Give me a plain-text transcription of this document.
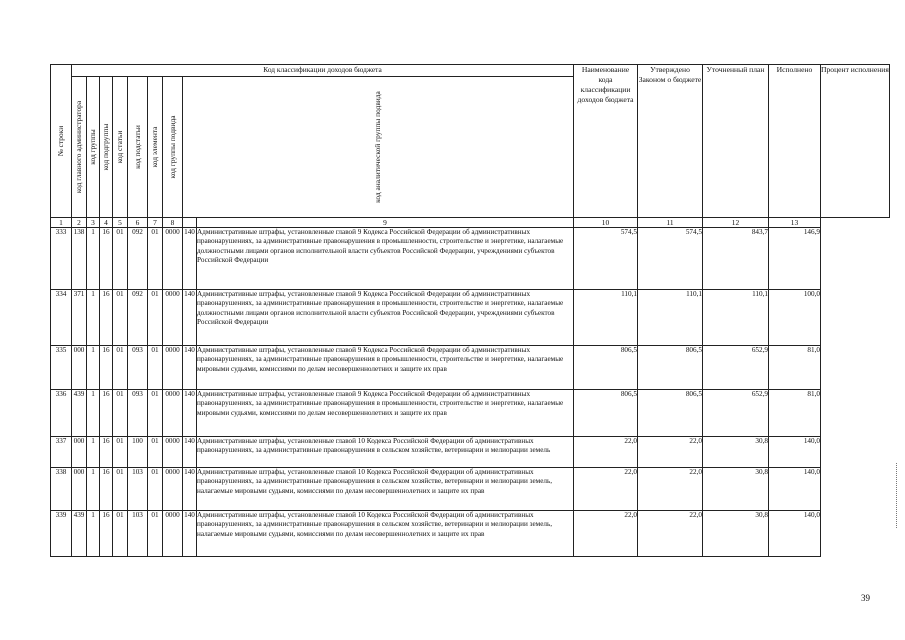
№ строки	Код классификации доходов бюджета									Наименование кода классификации доходов бюджета	Утверждено Законом о бюджете	Уточненный план	Исполнено	Процент исполнения

	код главного администратора	код группы	код подгруппы	код статьи	код подстатьи	код элемента	код группы подвида	код аналитической группы подвида						

1	2	3	4	5	6	7	8		9	10	11	12	13	
333	138	1	16	01	092	01	0000	140	Административные штрафы, установленные главой 9 Кодекса Российской Федерации об административных правонарушениях, за административные правонарушения в промышленности, строительстве и энергетике, налагаемые должностными лицами органов исполнительной власти субъектов Российской Федерации, учреждениями субъектов Российской Федерации	574,5	574,5	843,7	146,9	
334	371	1	16	01	092	01	0000	140	Административные штрафы, установленные главой 9 Кодекса Российской Федерации об административных правонарушениях, за административные правонарушения в промышленности, строительстве и энергетике, налагаемые должностными лицами органов исполнительной власти субъектов Российской Федерации, учреждениями субъектов Российской Федерации	110,1	110,1	110,1	100,0	
335	000	1	16	01	093	01	0000	140	Административные штрафы, установленные главой 9 Кодекса Российской Федерации об административных правонарушениях, за административные правонарушения в промышленности, строительстве и энергетике, налагаемые мировыми судьями, комиссиями по делам несовершеннолетних и защите их прав	806,5	806,5	652,9	81,0	
336	439	1	16	01	093	01	0000	140	Административные штрафы, установленные главой 9 Кодекса Российской Федерации об административных правонарушениях, за административные правонарушения в промышленности, строительстве и энергетике, налагаемые мировыми судьями, комиссиями по делам несовершеннолетних и защите их прав	806,5	806,5	652,9	81,0	
337	000	1	16	01	100	01	0000	140	Административные штрафы, установленные главой 10 Кодекса Российской Федерации об административных правонарушениях, за административные правонарушения в сельском хозяйстве, ветеринарии и мелиорации земель	22,0	22,0	30,8	140,0	
338	000	1	16	01	103	01	0000	140	Административные штрафы, установленные главой 10 Кодекса Российской Федерации об административных правонарушениях, за административные правонарушения в сельском хозяйстве, ветеринарии и мелиорации земель, налагаемые мировыми судьями, комиссиями по делам несовершеннолетних и защите их прав	22,0	22,0	30,8	140,0	
339	439	1	16	01	103	01	0000	140	Административные штрафы, установленные главой 10 Кодекса Российской Федерации об административных правонарушениях, за административные правонарушения в сельском хозяйстве, ветеринарии и мелиорации земель, налагаемые мировыми судьями, комиссиями по делам несовершеннолетних и защите их прав	22,0	22,0	30,8	140,0	
39
